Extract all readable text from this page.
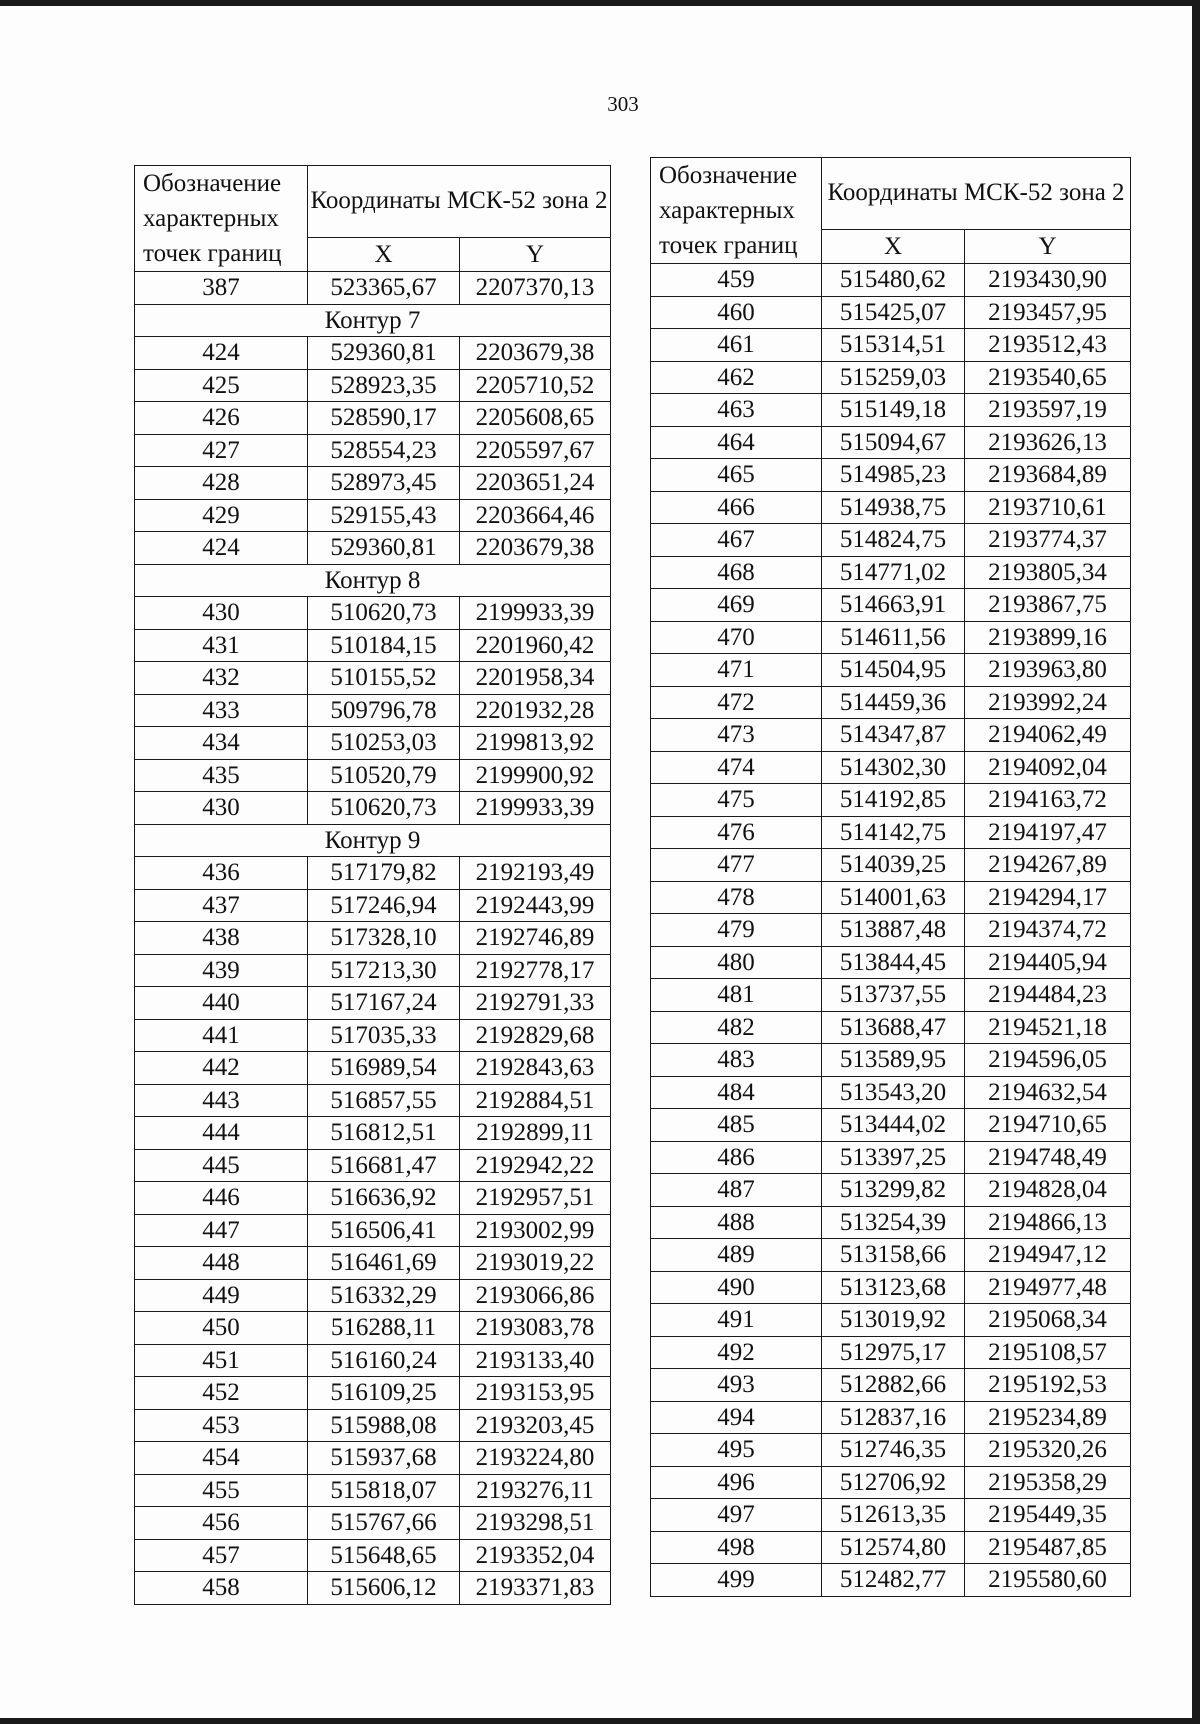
303
Обозначение характерных точек границ	Координаты МСК-52 зона 2	
	X	Y
387	523365,67	2207370,13
Контур 7		
424	529360,81	2203679,38
425	528923,35	2205710,52
426	528590,17	2205608,65
427	528554,23	2205597,67
428	528973,45	2203651,24
429	529155,43	2203664,46
424	529360,81	2203679,38
Контур 8		
430	510620,73	2199933,39
431	510184,15	2201960,42
432	510155,52	2201958,34
433	509796,78	2201932,28
434	510253,03	2199813,92
435	510520,79	2199900,92
430	510620,73	2199933,39
Контур 9		
436	517179,82	2192193,49
437	517246,94	2192443,99
438	517328,10	2192746,89
439	517213,30	2192778,17
440	517167,24	2192791,33
441	517035,33	2192829,68
442	516989,54	2192843,63
443	516857,55	2192884,51
444	516812,51	2192899,11
445	516681,47	2192942,22
446	516636,92	2192957,51
447	516506,41	2193002,99
448	516461,69	2193019,22
449	516332,29	2193066,86
450	516288,11	2193083,78
451	516160,24	2193133,40
452	516109,25	2193153,95
453	515988,08	2193203,45
454	515937,68	2193224,80
455	515818,07	2193276,11
456	515767,66	2193298,51
457	515648,65	2193352,04
458	515606,12	2193371,83
Обозначение характерных точек границ	Координаты МСК-52 зона 2	
	X	Y
459	515480,62	2193430,90
460	515425,07	2193457,95
461	515314,51	2193512,43
462	515259,03	2193540,65
463	515149,18	2193597,19
464	515094,67	2193626,13
465	514985,23	2193684,89
466	514938,75	2193710,61
467	514824,75	2193774,37
468	514771,02	2193805,34
469	514663,91	2193867,75
470	514611,56	2193899,16
471	514504,95	2193963,80
472	514459,36	2193992,24
473	514347,87	2194062,49
474	514302,30	2194092,04
475	514192,85	2194163,72
476	514142,75	2194197,47
477	514039,25	2194267,89
478	514001,63	2194294,17
479	513887,48	2194374,72
480	513844,45	2194405,94
481	513737,55	2194484,23
482	513688,47	2194521,18
483	513589,95	2194596,05
484	513543,20	2194632,54
485	513444,02	2194710,65
486	513397,25	2194748,49
487	513299,82	2194828,04
488	513254,39	2194866,13
489	513158,66	2194947,12
490	513123,68	2194977,48
491	513019,92	2195068,34
492	512975,17	2195108,57
493	512882,66	2195192,53
494	512837,16	2195234,89
495	512746,35	2195320,26
496	512706,92	2195358,29
497	512613,35	2195449,35
498	512574,80	2195487,85
499	512482,77	2195580,60
